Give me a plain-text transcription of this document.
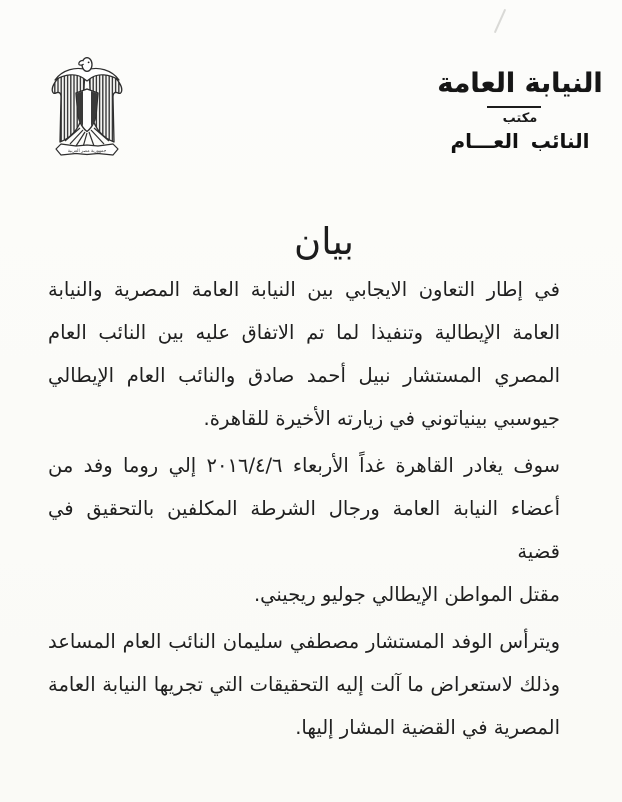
جمهورية مصر العربية
النيابة العامة
مكتب
النائب العـــام
بيان
في إطار التعاون الايجابي بين النيابة العامة المصرية والنيابة
العامة الإيطالية وتنفيذا لما تم الاتفاق عليه بين النائب العام
المصري المستشار نبيل أحمد صادق والنائب العام الإيطالي
جيوسبي بينياتوني في زيارته الأخيرة للقاهرة.
سوف يغادر القاهرة غداً الأربعاء ٢٠١٦/٤/٦ إلي روما وفد من
أعضاء النيابة العامة ورجال الشرطة المكلفين بالتحقيق في قضية
مقتل المواطن الإيطالي جوليو ريجيني.
ويترأس الوفد المستشار مصطفي سليمان النائب العام المساعد
وذلك لاستعراض ما آلت إليه التحقيقات التي تجريها النيابة العامة
المصرية في القضية المشار إليها.
